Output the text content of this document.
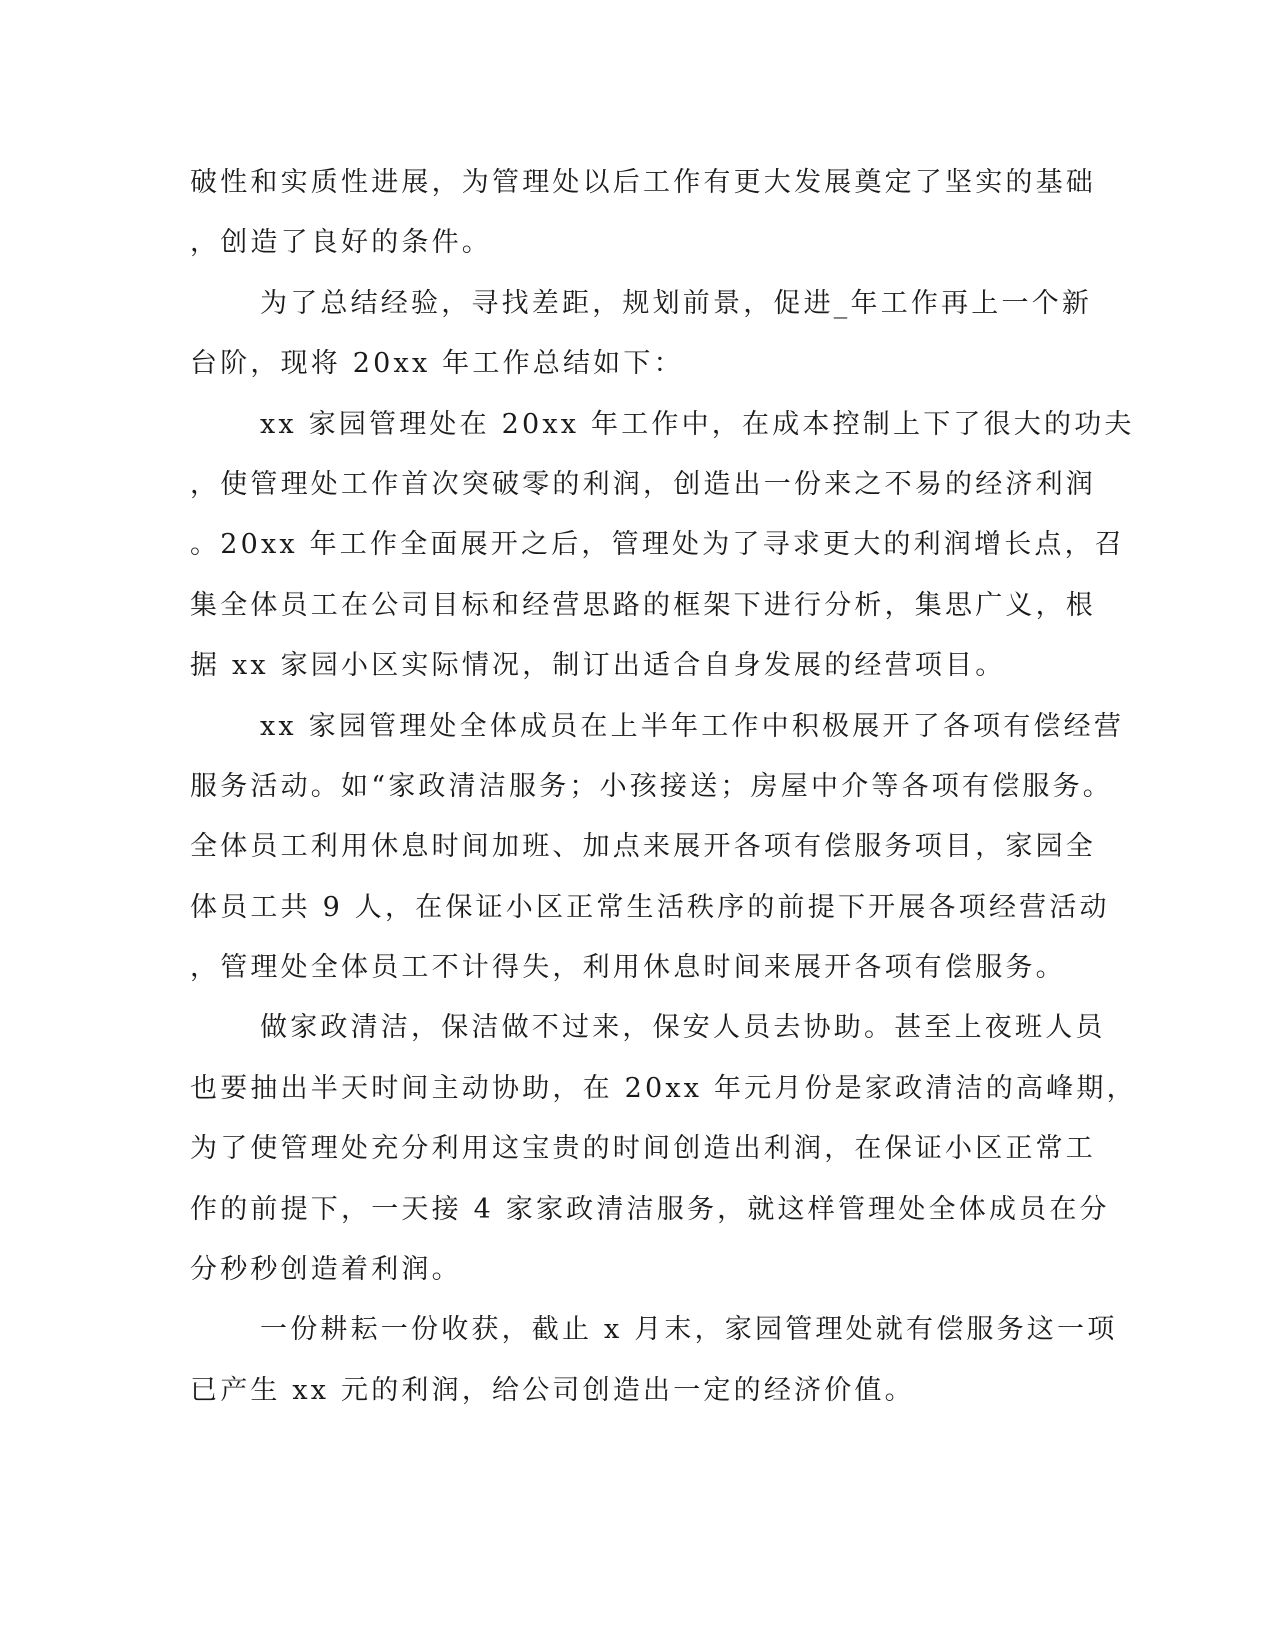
破性和实质性进展，为管理处以后工作有更大发展奠定了坚实的基础
，创造了良好的条件。
为了总结经验，寻找差距，规划前景，促进_年工作再上一个新
台阶，现将 20xx 年工作总结如下：
xx 家园管理处在 20xx 年工作中，在成本控制上下了很大的功夫
，使管理处工作首次突破零的利润，创造出一份来之不易的经济利润
。20xx 年工作全面展开之后，管理处为了寻求更大的利润增长点，召
集全体员工在公司目标和经营思路的框架下进行分析，集思广义，根
据 xx 家园小区实际情况，制订出适合自身发展的经营项目。
xx 家园管理处全体成员在上半年工作中积极展开了各项有偿经营
服务活动。如“家政清洁服务；小孩接送；房屋中介等各项有偿服务。
全体员工利用休息时间加班、加点来展开各项有偿服务项目，家园全
体员工共 9 人，在保证小区正常生活秩序的前提下开展各项经营活动
，管理处全体员工不计得失，利用休息时间来展开各项有偿服务。
做家政清洁，保洁做不过来，保安人员去协助。甚至上夜班人员
也要抽出半天时间主动协助，在 20xx 年元月份是家政清洁的高峰期，
为了使管理处充分利用这宝贵的时间创造出利润，在保证小区正常工
作的前提下，一天接 4 家家政清洁服务，就这样管理处全体成员在分
分秒秒创造着利润。
一份耕耘一份收获，截止 x 月末，家园管理处就有偿服务这一项
已产生 xx 元的利润，给公司创造出一定的经济价值。
